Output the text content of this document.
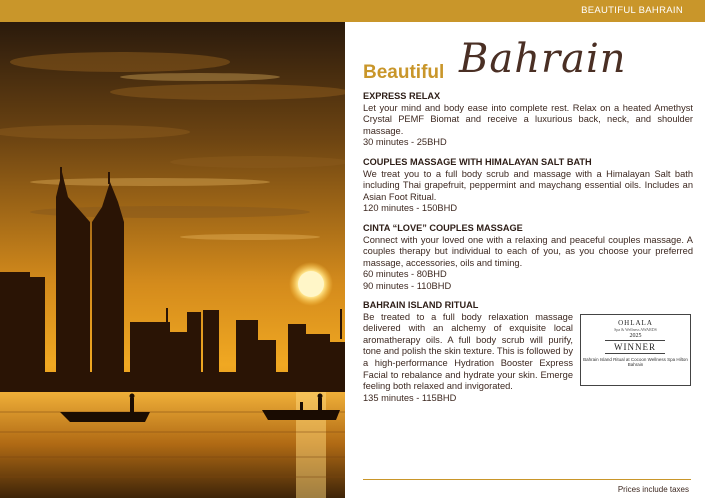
BEAUTIFUL BAHRAIN
Beautiful Bahrain
EXPRESS RELAX

Let your mind and body ease into complete rest. Relax on a heated Amethyst Crystal PEMF Biomat and receive a luxurious back, neck, and shoulder massage.

30 minutes - 25BHD
COUPLES MASSAGE WITH HIMALAYAN SALT BATH

We treat you to a full body scrub and massage with a Himalayan Salt bath including Thai grapefruit, peppermint and maychang essential oils. Includes an Asian Foot Ritual.

120 minutes - 150BHD
CINTA “LOVE” COUPLES MASSAGE

Connect with your loved one with a relaxing and peaceful couples massage. A couples therapy but individual to each of you, as you choose your preferred massage, accessories, oils and timing.

60 minutes - 80BHD
90 minutes - 110BHD
BAHRAIN ISLAND RITUAL

Be treated to a full body relaxation massage delivered with an alchemy of exquisite local aromatherapy oils. A full body scrub will purify, tone and polish the skin texture. This is followed by a high-performance Hydration Booster Express Facial to rebalance and hydrate your skin. Emerge feeling both relaxed and invigorated.

135 minutes - 115BHD
OHLALA
Spa & Wellness AWARDS
2025
WINNER
Bahrain Island Ritual at Cocoon Wellness Spa Hilton Bahrain
Prices include taxes
